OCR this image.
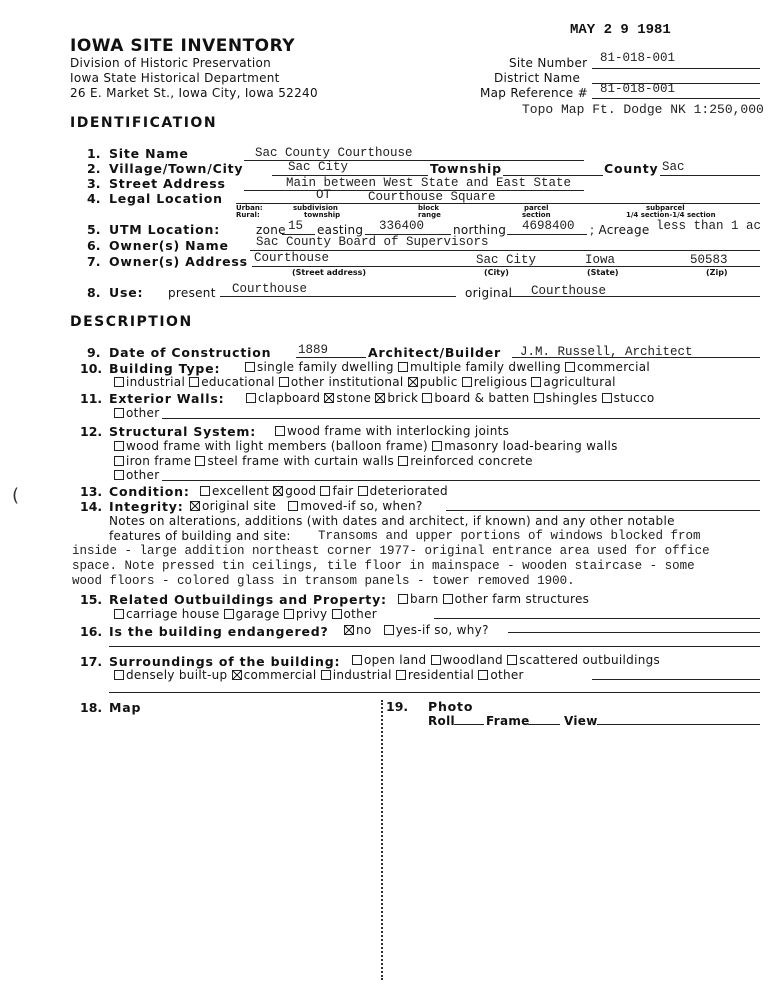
MAY 2 9 1981
IOWA SITE INVENTORY
Division of Historic Preservation
Iowa State Historical Department
26 E. Market St., Iowa City, Iowa 52240
Site Number 81-018-001
District Name
Map Reference # 81-018-001
Topo Map Ft. Dodge NK 1:250,000
IDENTIFICATION
1. Site Name	Sac County Courthouse
2. Village/Town/City	Sac City	Township	County Sac
3. Street Address	Main between West State and East State
4. Legal Location	OT	Courthouse Square
Urban:
Rural:
subdivision
township
block
range
parcel
section
subparcel
1/4 section-1/4 section
5. UTM Location:	zone 15 easting 336400 northing 4698400 ; Acreage less than 1 ac
6. Owner(s) Name Sac County Board of Supervisors
7. Owner(s) Address Courthouse	Sac City	Iowa	50583
(Street address)	(City)	(State)	(Zip)
8. Use: present Courthouse	original Courthouse
DESCRIPTION
9. Date of Construction 1889	Architect/Builder J.M. Russell, Architect
10. Building Type:	single family dwelling multiple family dwelling commercial
industrial educational other institutional public religious agricultural
11. Exterior Walls:	clapboard stone brick board & batten shingles stucco
other
12. Structural System:	wood frame with interlocking joints
wood frame with light members (balloon frame) masonry load-bearing walls
iron frame steel frame with curtain walls reinforced concrete
other
13. Condition:	excellent good fair deteriorated
14. Integrity:	original site moved-if so, when?
Notes on alterations, additions (with dates and architect, if known) and any other notable
features of building and site: Transoms and upper portions of windows blocked from
inside - large addition northeast corner 1977- original entrance area used for office
space. Note pressed tin ceilings, tile floor in mainspace - wooden staircase - some
wood floors - colored glass in transom panels - tower removed 1900.
15. Related Outbuildings and Property:	barn other farm structures
carriage house garage privy other
16. Is the building endangered?	no yes-if so, why?
17. Surroundings of the building:	open land woodland scattered outbuildings
densely built-up commercial industrial residential other
18. Map	19. Photo
Roll	Frame	View
(
